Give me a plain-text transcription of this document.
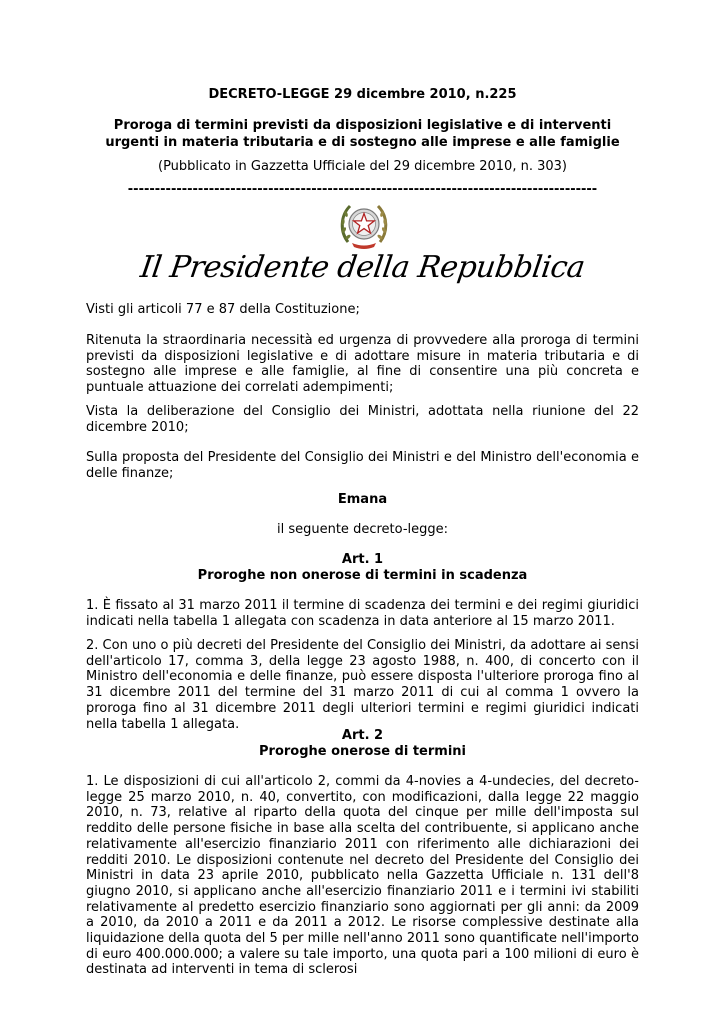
DECRETO-LEGGE 29 dicembre 2010, n.225
Proroga di termini previsti da disposizioni legislative e di interventi urgenti in materia tributaria e di sostegno alle imprese e alle famiglie
(Pubblicato in Gazzetta Ufficiale del 29 dicembre 2010, n. 303)
---------------------------------------------------------------------------------------
Il Presidente della Repubblica
Visti gli articoli 77 e 87 della Costituzione;
Ritenuta la straordinaria necessità ed urgenza di provvedere alla proroga di termini previsti da disposizioni legislative e di adottare misure in materia tributaria e di sostegno alle imprese e alle famiglie, al fine di consentire una più concreta e puntuale attuazione dei correlati adempimenti;
Vista la deliberazione del Consiglio dei Ministri, adottata nella riunione del 22 dicembre 2010;
Sulla proposta del Presidente del Consiglio dei Ministri e del Ministro dell'economia e delle finanze;
Emana
il seguente decreto-legge:
Art. 1
Proroghe non onerose di termini in scadenza
1. È fissato al 31 marzo 2011 il termine di scadenza dei termini e dei regimi giuridici indicati nella tabella 1 allegata con scadenza in data anteriore al 15 marzo 2011.
2. Con uno o più decreti del Presidente del Consiglio dei Ministri, da adottare ai sensi dell'articolo 17, comma 3, della legge 23 agosto 1988, n. 400, di concerto con il Ministro dell'economia e delle finanze, può essere disposta l'ulteriore proroga fino al 31 dicembre 2011 del termine del 31 marzo 2011 di cui al comma 1 ovvero la proroga fino al 31 dicembre 2011 degli ulteriori termini e regimi giuridici indicati nella tabella 1 allegata.
Art. 2
Proroghe onerose di termini
1. Le disposizioni di cui all'articolo 2, commi da 4-novies a 4-undecies, del decreto-legge 25 marzo 2010, n. 40, convertito, con modificazioni, dalla legge 22 maggio 2010, n. 73, relative al riparto della quota del cinque per mille dell'imposta sul reddito delle persone fisiche in base alla scelta del contribuente, si applicano anche relativamente all'esercizio finanziario 2011 con riferimento alle dichiarazioni dei redditi 2010. Le disposizioni contenute nel decreto del Presidente del Consiglio dei Ministri in data 23 aprile 2010, pubblicato nella Gazzetta Ufficiale n. 131 dell'8 giugno 2010, si applicano anche all'esercizio finanziario 2011 e i termini ivi stabiliti relativamente al predetto esercizio finanziario sono aggiornati per gli anni: da 2009 a 2010, da 2010 a 2011 e da 2011 a 2012. Le risorse complessive destinate alla liquidazione della quota del 5 per mille nell'anno 2011 sono quantificate nell'importo di euro 400.000.000; a valere su tale importo, una quota pari a 100 milioni di euro è destinata ad interventi in tema di sclerosi
